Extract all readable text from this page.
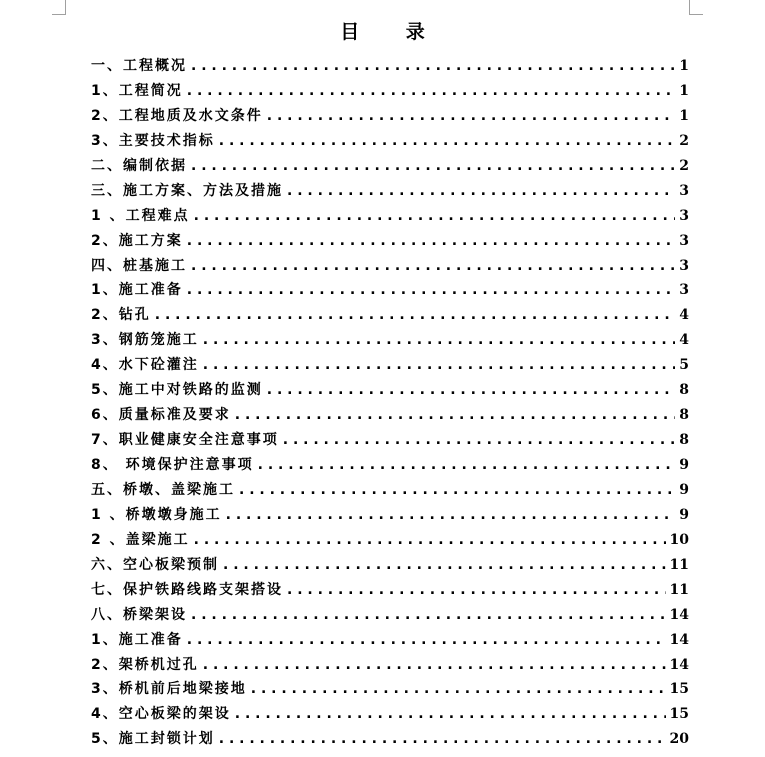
目 录
一、工程概况 . . .	1
1、工程简况 . . .	1
2、工程地质及水文条件 . . .	1
3、主要技术指标 . . .	2
二、编制依据 . . .	2
三、施工方案、方法及措施 . . .	3
1 、工程难点 . . .	3
2、施工方案 . . .	3
四、桩基施工 . . .	3
1、施工准备 . . .	3
2、钻孔 . . .	4
3、钢筋笼施工 . . .	4
4、水下砼灌注 . . .	5
5、施工中对铁路的监测 . . .	8
6、质量标准及要求 . . .	8
7、职业健康安全注意事项 . . .	8
8、 环境保护注意事项 . . .	9
五、桥墩、盖梁施工 . . .	9
1 、桥墩墩身施工 . . .	9
2 、盖梁施工 . . .	10
六、空心板梁预制 . . .	11
七、保护铁路线路支架搭设 . . .	11
八、桥梁架设 . . .	14
1、施工准备 . . .	14
2、架桥机过孔 . . .	14
3、桥机前后地梁接地 . . .	15
4、空心板梁的架设 . . .	15
5、施工封锁计划 . . .	20
